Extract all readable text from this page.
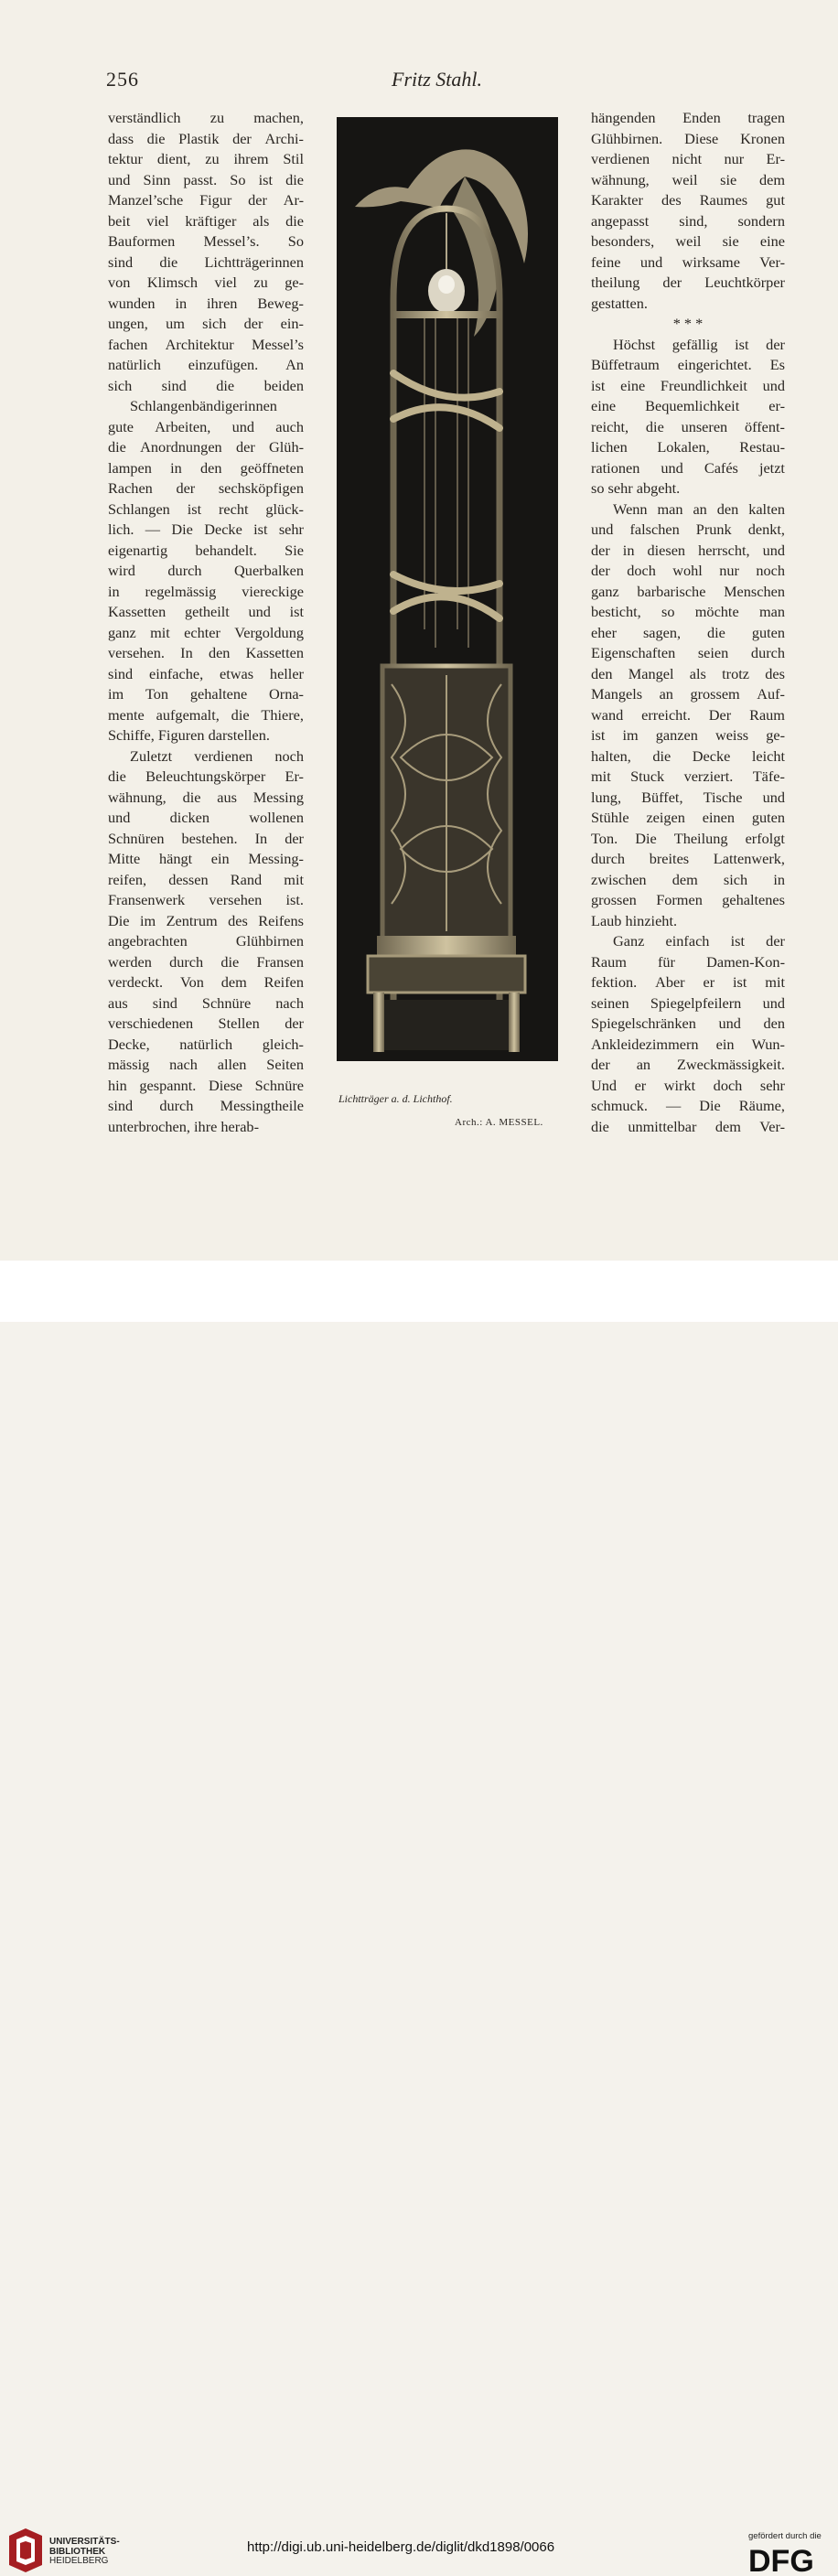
256	Fritz Stahl.
verständlich zu machen,
dass die Plastik der Archi-
tektur dient, zu ihrem Stil
und Sinn passt. So ist die
Manzel’sche Figur der Ar-
beit viel kräftiger als die
Bauformen Messel’s. So
sind die Lichtträgerinnen
von Klimsch viel zu ge-
wunden in ihren Beweg-
ungen, um sich der ein-
fachen Architektur Messel’s
natürlich einzufügen. An
sich sind die beiden
Schlangenbändigerinnen
gute Arbeiten, und auch
die Anordnungen der Glüh-
lampen in den geöffneten
Rachen der sechsköpfigen
Schlangen ist recht glück-
lich. — Die Decke ist sehr
eigenartig behandelt. Sie
wird durch Querbalken
in regelmässig viereckige
Kassetten getheilt und ist
ganz mit echter Vergoldung
versehen. In den Kassetten
sind einfache, etwas heller
im Ton gehaltene Orna-
mente aufgemalt, die Thiere,
Schiffe, Figuren darstellen.
Zuletzt verdienen noch
die Beleuchtungskörper Er-
wähnung, die aus Messing
und	dicken	wollenen
Schnüren bestehen. In der
Mitte hängt ein Messing-
reifen, dessen Rand mit
Fransenwerk versehen ist.
Die im Zentrum des Reifens
angebrachten	Glühbirnen
werden durch die Fransen
verdeckt. Von dem Reifen
aus sind Schnüre nach
verschiedenen Stellen der
Decke, natürlich gleich-
mässig nach allen Seiten
hin gespannt. Diese Schnüre
sind durch Messingtheile
unterbrochen, ihre herab-
hängenden Enden tragen
Glühbirnen. Diese Kronen
verdienen nicht nur Er-
wähnung, weil sie dem
Karakter des Raumes gut
angepasst sind, sondern
besonders, weil sie eine
feine und wirksame Ver-
theilung der Leuchtkörper
gestatten.
* * *
Höchst gefällig ist der
Büffetraum eingerichtet. Es
ist eine Freundlichkeit und
eine Bequemlichkeit er-
reicht, die unseren öffent-
lichen Lokalen, Restau-
rationen und Cafés jetzt
so sehr abgeht.
Wenn man an den kalten
und falschen Prunk denkt,
der in diesen herrscht, und
der doch wohl nur noch
ganz barbarische Menschen
besticht, so möchte man
eher sagen, die guten
Eigenschaften seien durch
den Mangel als trotz des
Mangels an grossem Auf-
wand erreicht. Der Raum
ist im ganzen weiss ge-
halten, die Decke leicht
mit Stuck verziert. Täfe-
lung, Büffet, Tische und
Stühle zeigen einen guten
Ton. Die Theilung erfolgt
durch breites Lattenwerk,
zwischen dem sich in
grossen Formen gehaltenes
Laub hinzieht.
Ganz einfach ist der
Raum für Damen-Kon-
fektion. Aber er ist mit
seinen Spiegelpfeilern und
Spiegelschränken und den
Ankleidezimmern ein Wun-
der an Zweckmässigkeit.
Und er wirkt doch sehr
schmuck. — Die Räume,
die unmittelbar dem Ver-
Lichtträger a. d. Lichthof.
Arch.: A. MESSEL.
UNIVERSITÄTS-
BIBLIOTHEK
HEIDELBERG
http://digi.ub.uni-heidelberg.de/diglit/dkd1898/0066
gefördert durch die
DFG
